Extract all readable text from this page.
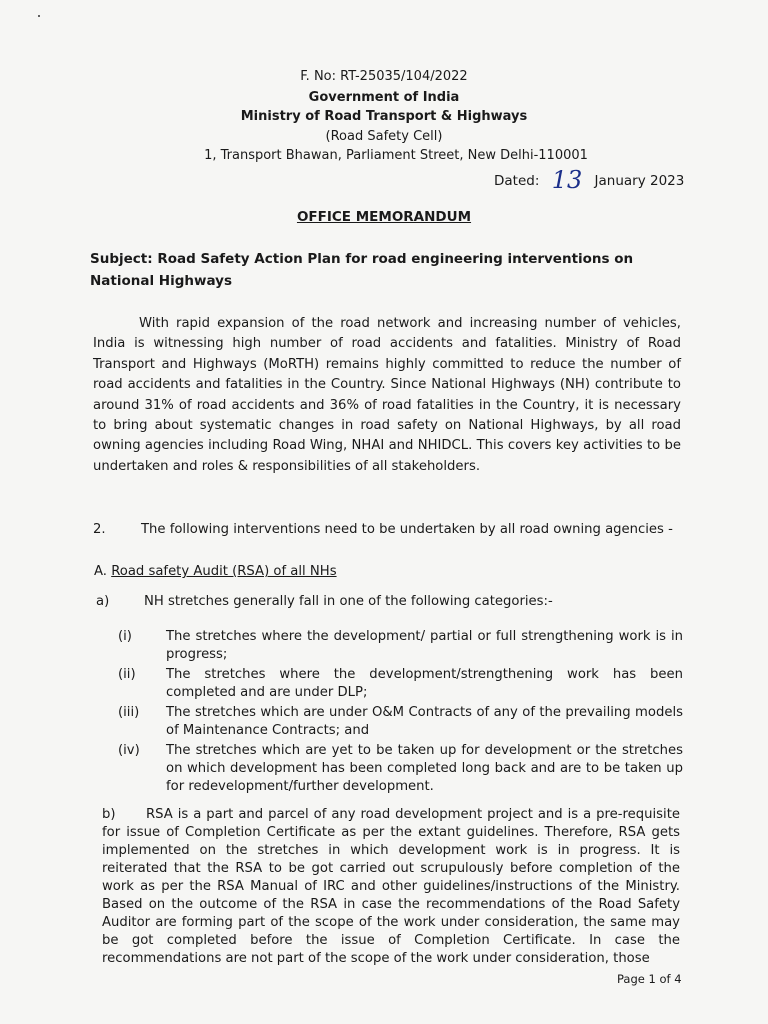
F. No: RT-25035/104/2022
Government of India
Ministry of Road Transport & Highways
(Road Safety Cell)
1, Transport Bhawan, Parliament Street, New Delhi-110001
Dated: 13 January 2023
OFFICE MEMORANDUM
Subject: Road Safety Action Plan for road engineering interventions on National Highways
With rapid expansion of the road network and increasing number of vehicles, India is witnessing high number of road accidents and fatalities. Ministry of Road Transport and Highways (MoRTH) remains highly committed to reduce the number of road accidents and fatalities in the Country. Since National Highways (NH) contribute to around 31% of road accidents and 36% of road fatalities in the Country, it is necessary to bring about systematic changes in road safety on National Highways, by all road owning agencies including Road Wing, NHAI and NHIDCL. This covers key activities to be undertaken and roles & responsibilities of all stakeholders.
2.	The following interventions need to be undertaken by all road owning agencies -
A. Road safety Audit (RSA) of all NHs
a)	NH stretches generally fall in one of the following categories:-
(i)	The stretches where the development/ partial or full strengthening work is in progress;
(ii)	The stretches where the development/strengthening work has been completed and are under DLP;
(iii)	The stretches which are under O&M Contracts of any of the prevailing models of Maintenance Contracts; and
(iv)	The stretches which are yet to be taken up for development or the stretches on which development has been completed long back and are to be taken up for redevelopment/further development.
b) RSA is a part and parcel of any road development project and is a pre-requisite for issue of Completion Certificate as per the extant guidelines. Therefore, RSA gets implemented on the stretches in which development work is in progress. It is reiterated that the RSA to be got carried out scrupulously before completion of the work as per the RSA Manual of IRC and other guidelines/instructions of the Ministry. Based on the outcome of the RSA in case the recommendations of the Road Safety Auditor are forming part of the scope of the work under consideration, the same may be got completed before the issue of Completion Certificate. In case the recommendations are not part of the scope of the work under consideration, those
Page 1 of 4
